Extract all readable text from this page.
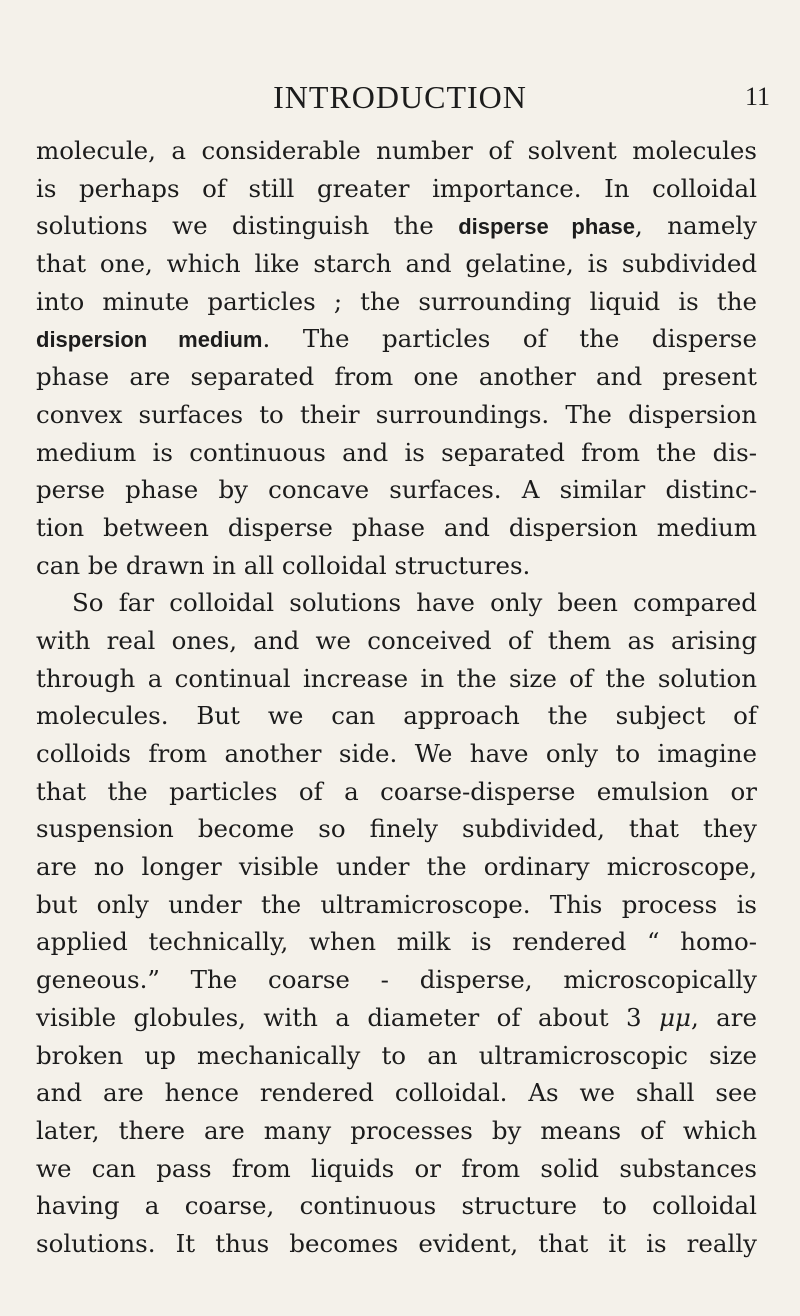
INTRODUCTION	11
molecule, a considerable number of solvent molecules
is perhaps of still greater importance. In colloidal
solutions we distinguish the disperse phase, namely
that one, which like starch and gelatine, is subdivided
into minute particles ; the surrounding liquid is the
dispersion medium. The particles of the disperse
phase are separated from one another and present
convex surfaces to their surroundings. The dispersion
medium is continuous and is separated from the dis-
perse phase by concave surfaces. A similar distinc-
tion between disperse phase and dispersion medium
can be drawn in all colloidal structures.
So far colloidal solutions have only been compared
with real ones, and we conceived of them as arising
through a continual increase in the size of the solution
molecules. But we can approach the subject of
colloids from another side. We have only to imagine
that the particles of a coarse-disperse emulsion or
suspension become so finely subdivided, that they
are no longer visible under the ordinary microscope,
but only under the ultramicroscope. This process is
applied technically, when milk is rendered “ homo-
geneous.” The coarse - disperse, microscopically
visible globules, with a diameter of about 3 μμ, are
broken up mechanically to an ultramicroscopic size
and are hence rendered colloidal. As we shall see
later, there are many processes by means of which
we can pass from liquids or from solid substances
having a coarse, continuous structure to colloidal
solutions. It thus becomes evident, that it is really
